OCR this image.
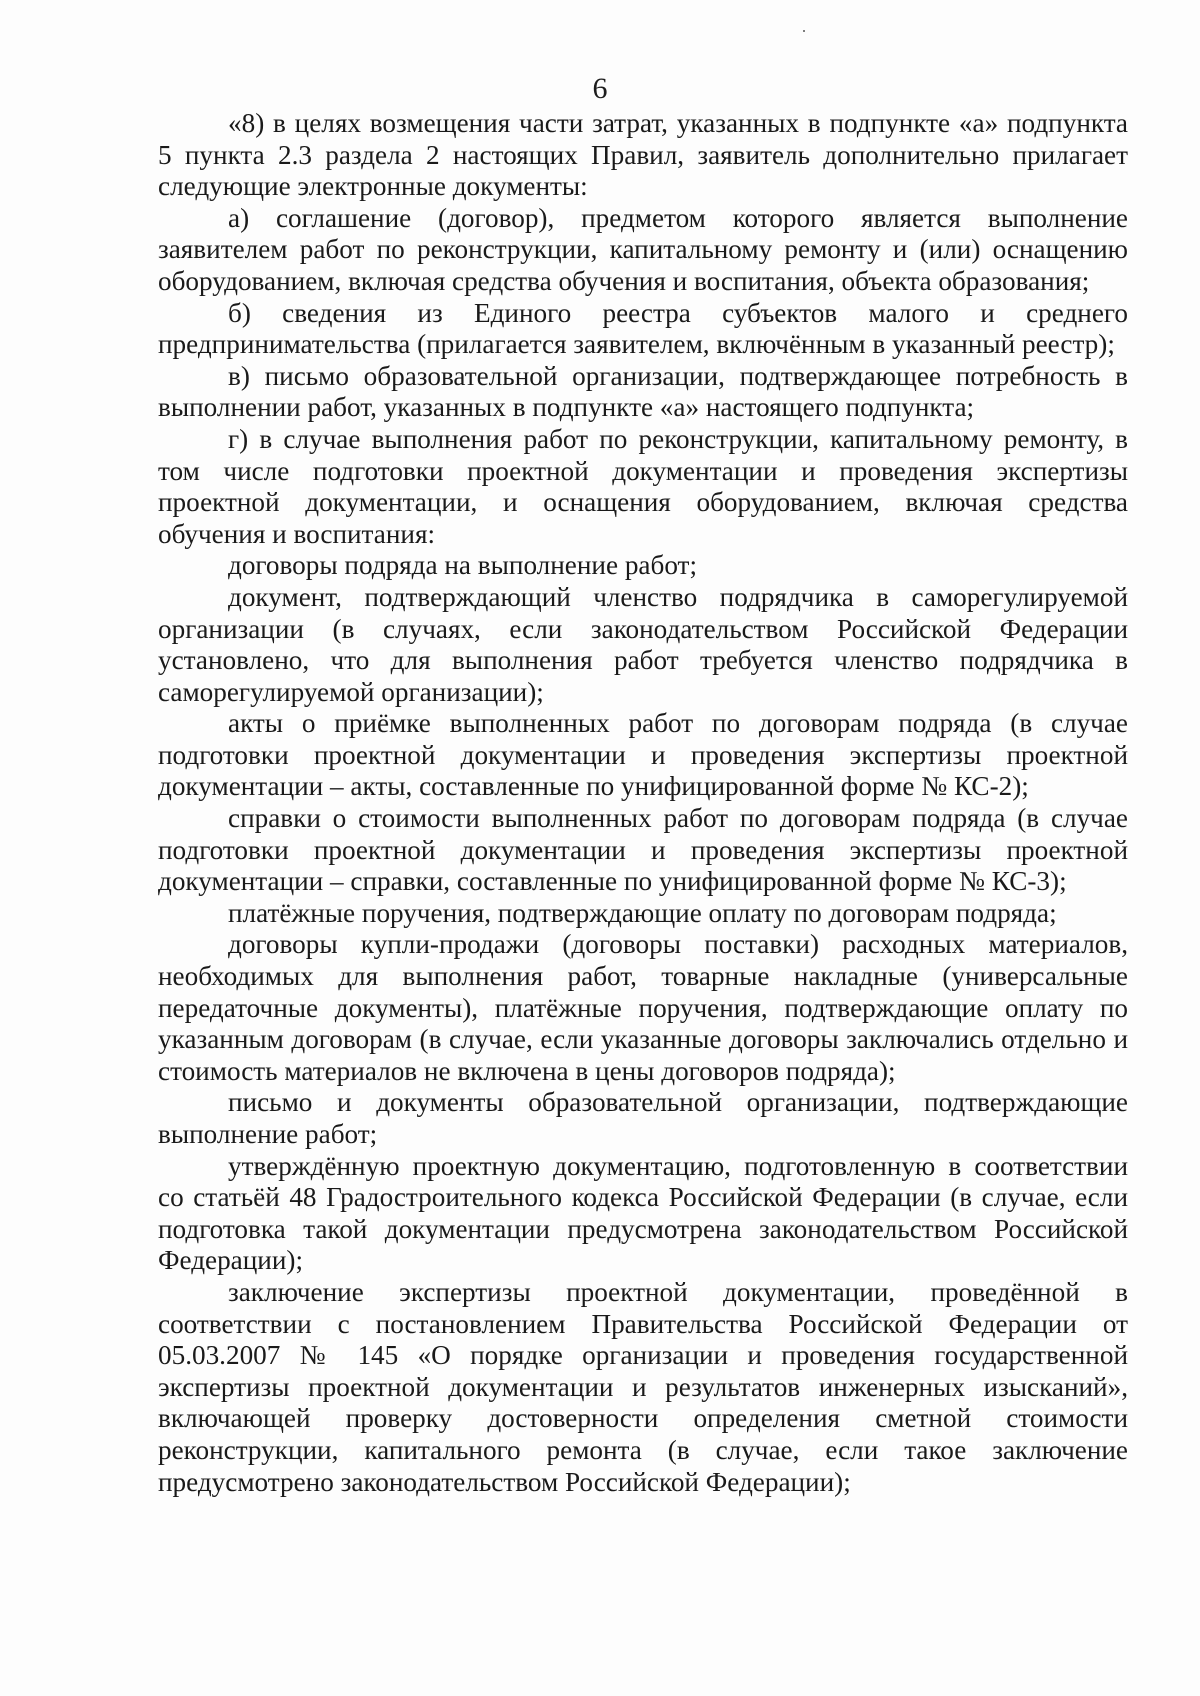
6

«8) в целях возмещения части затрат, указанных в подпункте «а» подпункта 5 пункта 2.3 раздела 2 настоящих Правил, заявитель дополнительно прилагает следующие электронные документы:

а) соглашение (договор), предметом которого является выполнение заявителем работ по реконструкции, капитальному ремонту и (или) оснащению оборудованием, включая средства обучения и воспитания, объекта образования;

б) сведения из Единого реестра субъектов малого и среднего предпринимательства (прилагается заявителем, включённым в указанный реестр);

в) письмо образовательной организации, подтверждающее потребность в выполнении работ, указанных в подпункте «а» настоящего подпункта;

г) в случае выполнения работ по реконструкции, капитальному ремонту, в том числе подготовки проектной документации и проведения экспертизы проектной документации, и оснащения оборудованием, включая средства обучения и воспитания:

договоры подряда на выполнение работ;

документ, подтверждающий членство подрядчика в саморегулируемой организации (в случаях, если законодательством Российской Федерации установлено, что для выполнения работ требуется членство подрядчика в саморегулируемой организации);

акты о приёмке выполненных работ по договорам подряда (в случае подготовки проектной документации и проведения экспертизы проектной документации – акты, составленные по унифицированной форме № КС-2);

справки о стоимости выполненных работ по договорам подряда (в случае подготовки проектной документации и проведения экспертизы проектной документации – справки, составленные по унифицированной форме № КС-3);

платёжные поручения, подтверждающие оплату по договорам подряда;

договоры купли-продажи (договоры поставки) расходных материалов, необходимых для выполнения работ, товарные накладные (универсальные передаточные документы), платёжные поручения, подтверждающие оплату по указанным договорам (в случае, если указанные договоры заключались отдельно и стоимость материалов не включена в цены договоров подряда);

письмо и документы образовательной организации, подтверждающие выполнение работ;

утверждённую проектную документацию, подготовленную в соответствии со статьёй 48 Градостроительного кодекса Российской Федерации (в случае, если подготовка такой документации предусмотрена законодательством Российской Федерации);

заключение экспертизы проектной документации, проведённой в соответствии с постановлением Правительства Российской Федерации от 05.03.2007 № 145 «О порядке организации и проведения государственной экспертизы проектной документации и результатов инженерных изысканий», включающей проверку достоверности определения сметной стоимости реконструкции, капитального ремонта (в случае, если такое заключение предусмотрено законодательством Российской Федерации);
